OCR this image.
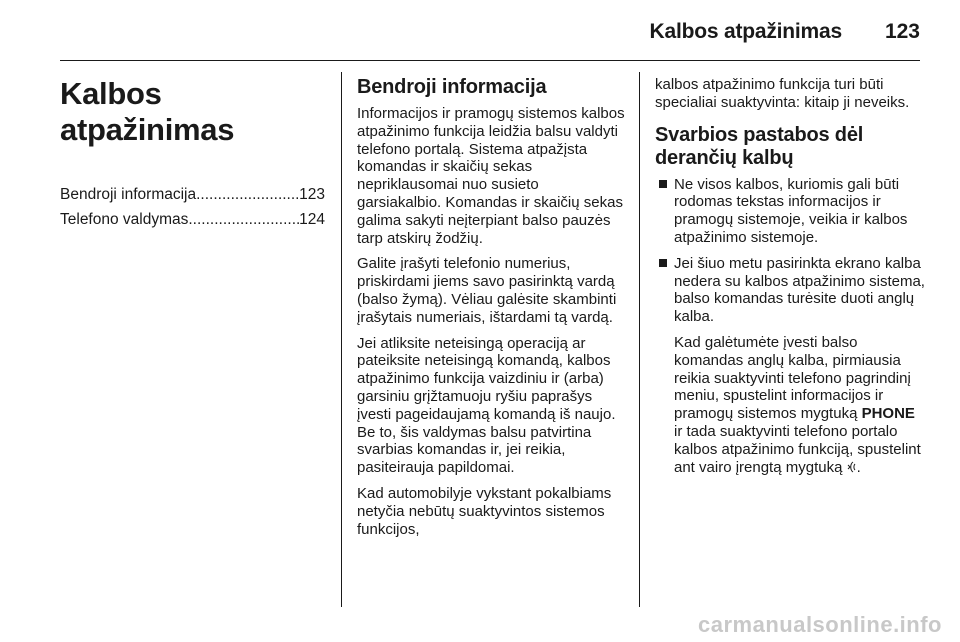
Kalbos atpažinimas 123
Kalbos atpažinimas
Bendroji informacija .....	123
Telefono valdymas .....	124
Bendroji informacija

Informacijos ir pramogų sistemos kalbos atpažinimo funkcija leidžia balsu valdyti telefono portalą. Sistema atpažįsta komandas ir skaičių sekas nepriklausomai nuo susieto garsiakalbio. Komandas ir skaičių sekas galima sakyti neįterpiant balso pauzės tarp atskirų žodžių.

Galite įrašyti telefonio numerius, priskirdami jiems savo pasirinktą vardą (balso žymą). Vėliau galėsite skambinti įrašytais numeriais, ištardami tą vardą.

Jei atliksite neteisingą operaciją ar pateiksite neteisingą komandą, kalbos atpažinimo funkcija vaizdiniu ir (arba) garsiniu grįžtamuoju ryšiu paprašys įvesti pageidaujamą komandą iš naujo. Be to, šis valdymas balsu patvirtina svarbias komandas ir, jei reikia, pasiteirauja papildomai.

Kad automobilyje vykstant pokalbiams netyčia nebūtų suaktyvintos sistemos funkcijos,

kalbos atpažinimo funkcija turi būti specialiai suaktyvinta: kitaip ji neveiks.

Svarbios pastabos dėl derančių kalbų
Ne visos kalbos, kuriomis gali būti rodomas tekstas informacijos ir pramogų sistemoje, veikia ir kalbos atpažinimo sistemoje.
Jei šiuo metu pasirinkta ekrano kalba nedera su kalbos atpažinimo sistema, balso komandas turėsite duoti anglų kalba.

Kad galėtumėte įvesti balso komandas anglų kalba, pirmiausia reikia suaktyvinti telefono pagrindinį meniu, spustelint informacijos ir pramogų sistemos mygtuką PHONE ir tada suaktyvinti telefono portalo kalbos atpažinimo funkciją, spustelint ant vairo įrengtą mygtuką .

carmanualsonline.info
